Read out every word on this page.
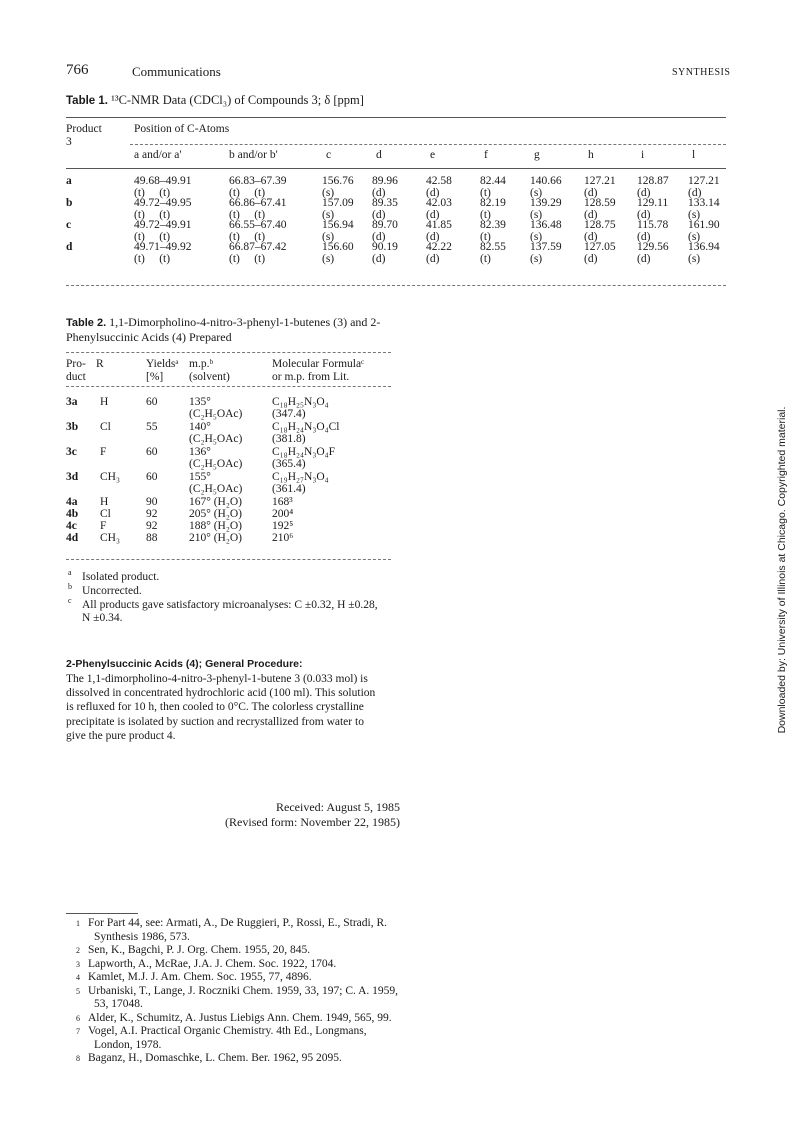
766	Communications	SYNTHESIS
Table 1. ¹³C-NMR Data (CDCl₃) of Compounds 3; δ [ppm]
Product
3
Position of C-Atoms
a and/or a'	b and/or b'	c	d	e	f	g	h	i	l
a	49.68–49.91	66.83–67.39	156.76 89.96 42.58 82.44 140.66 127.21 128.87 127.21
(t)     (t)	(t)     (t)	(s)	(d)	(d)	(t)	(s)	(d)	(d)	(d)
b	49.72–49.95	66.86–67.41	157.09 89.35 42.03 82.19 139.29 128.59 129.11 133.14
(t)     (t)	(t)     (t)	(s)	(d)	(d)	(t)	(s)	(d)	(d)	(s)
c	49.72–49.91	66.55–67.40	156.94 89.70 41.85 82.39 136.48 128.75 115.78 161.90
(t)     (t)	(t)     (t)	(s)	(d)	(d)	(t)	(s)	(d)	(d)	(s)
d	49.71–49.92	66.87–67.42	156.60 90.19 42.22 82.55 137.59 127.05 129.56 136.94
(t)     (t)	(t)     (t)	(s)	(d)	(d)	(t)	(s)	(d)	(d)	(s)
Table 2. 1,1-Dimorpholino-4-nitro-3-phenyl-1-butenes (3) and 2-Phenylsuccinic Acids (4) Prepared
Pro-
duct
R	Yieldsᵃ
[%]
m.p.ᵇ
(solvent)
Molecular Formulaᶜ
or m.p. from Lit.
3a H	60	135°	C₁₈H₂₅N₃O₄
(C₂H₅OAc)	(347.4)
3b Cl	55	140°	C₁₈H₂₄N₃O₄Cl
(C₂H₅OAc)	(381.8)
3c F	60	136°	C₁₈H₂₄N₃O₄F
(C₂H₅OAc)	(365.4)
3d CH₃ 60	155°	C₁₉H₂₇N₃O₄
(C₂H₅OAc)	(361.4)
4a H	90	167° (H₂O)	168³
4b Cl	92	205° (H₂O)	200⁴
4c F	92	188° (H₂O)	192⁵
4d CH₃ 88	210° (H₂O)	210⁶
a Isolated product.
b Uncorrected.
c All products gave satisfactory microanalyses: C ±0.32, H ±0.28,
N ±0.34.
2-Phenylsuccinic Acids (4); General Procedure:
The 1,1-dimorpholino-4-nitro-3-phenyl-1-butene 3 (0.033 mol) is
dissolved in concentrated hydrochloric acid (100 ml). This solution
is refluxed for 10 h, then cooled to 0°C. The colorless crystalline
precipitate is isolated by suction and recrystallized from water to
give the pure product 4.
Received: August 5, 1985
(Revised form: November 22, 1985)
1 For Part 44, see: Armati, A., De Ruggieri, P., Rossi, E., Stradi, R.
Synthesis 1986, 573.
2 Sen, K., Bagchi, P. J. Org. Chem. 1955, 20, 845.
3 Lapworth, A., McRae, J.A. J. Chem. Soc. 1922, 1704.
4 Kamlet, M.J. J. Am. Chem. Soc. 1955, 77, 4896.
5 Urbaniski, T., Lange, J. Roczniki Chem. 1959, 33, 197; C. A. 1959,
53, 17048.
6 Alder, K., Schumitz, A. Justus Liebigs Ann. Chem. 1949, 565, 99.
7 Vogel, A.I. Practical Organic Chemistry. 4th Ed., Longmans,
London, 1978.
8 Baganz, H., Domaschke, L. Chem. Ber. 1962, 95 2095.
Downloaded by: University of Illinois at Chicago. Copyrighted material.
